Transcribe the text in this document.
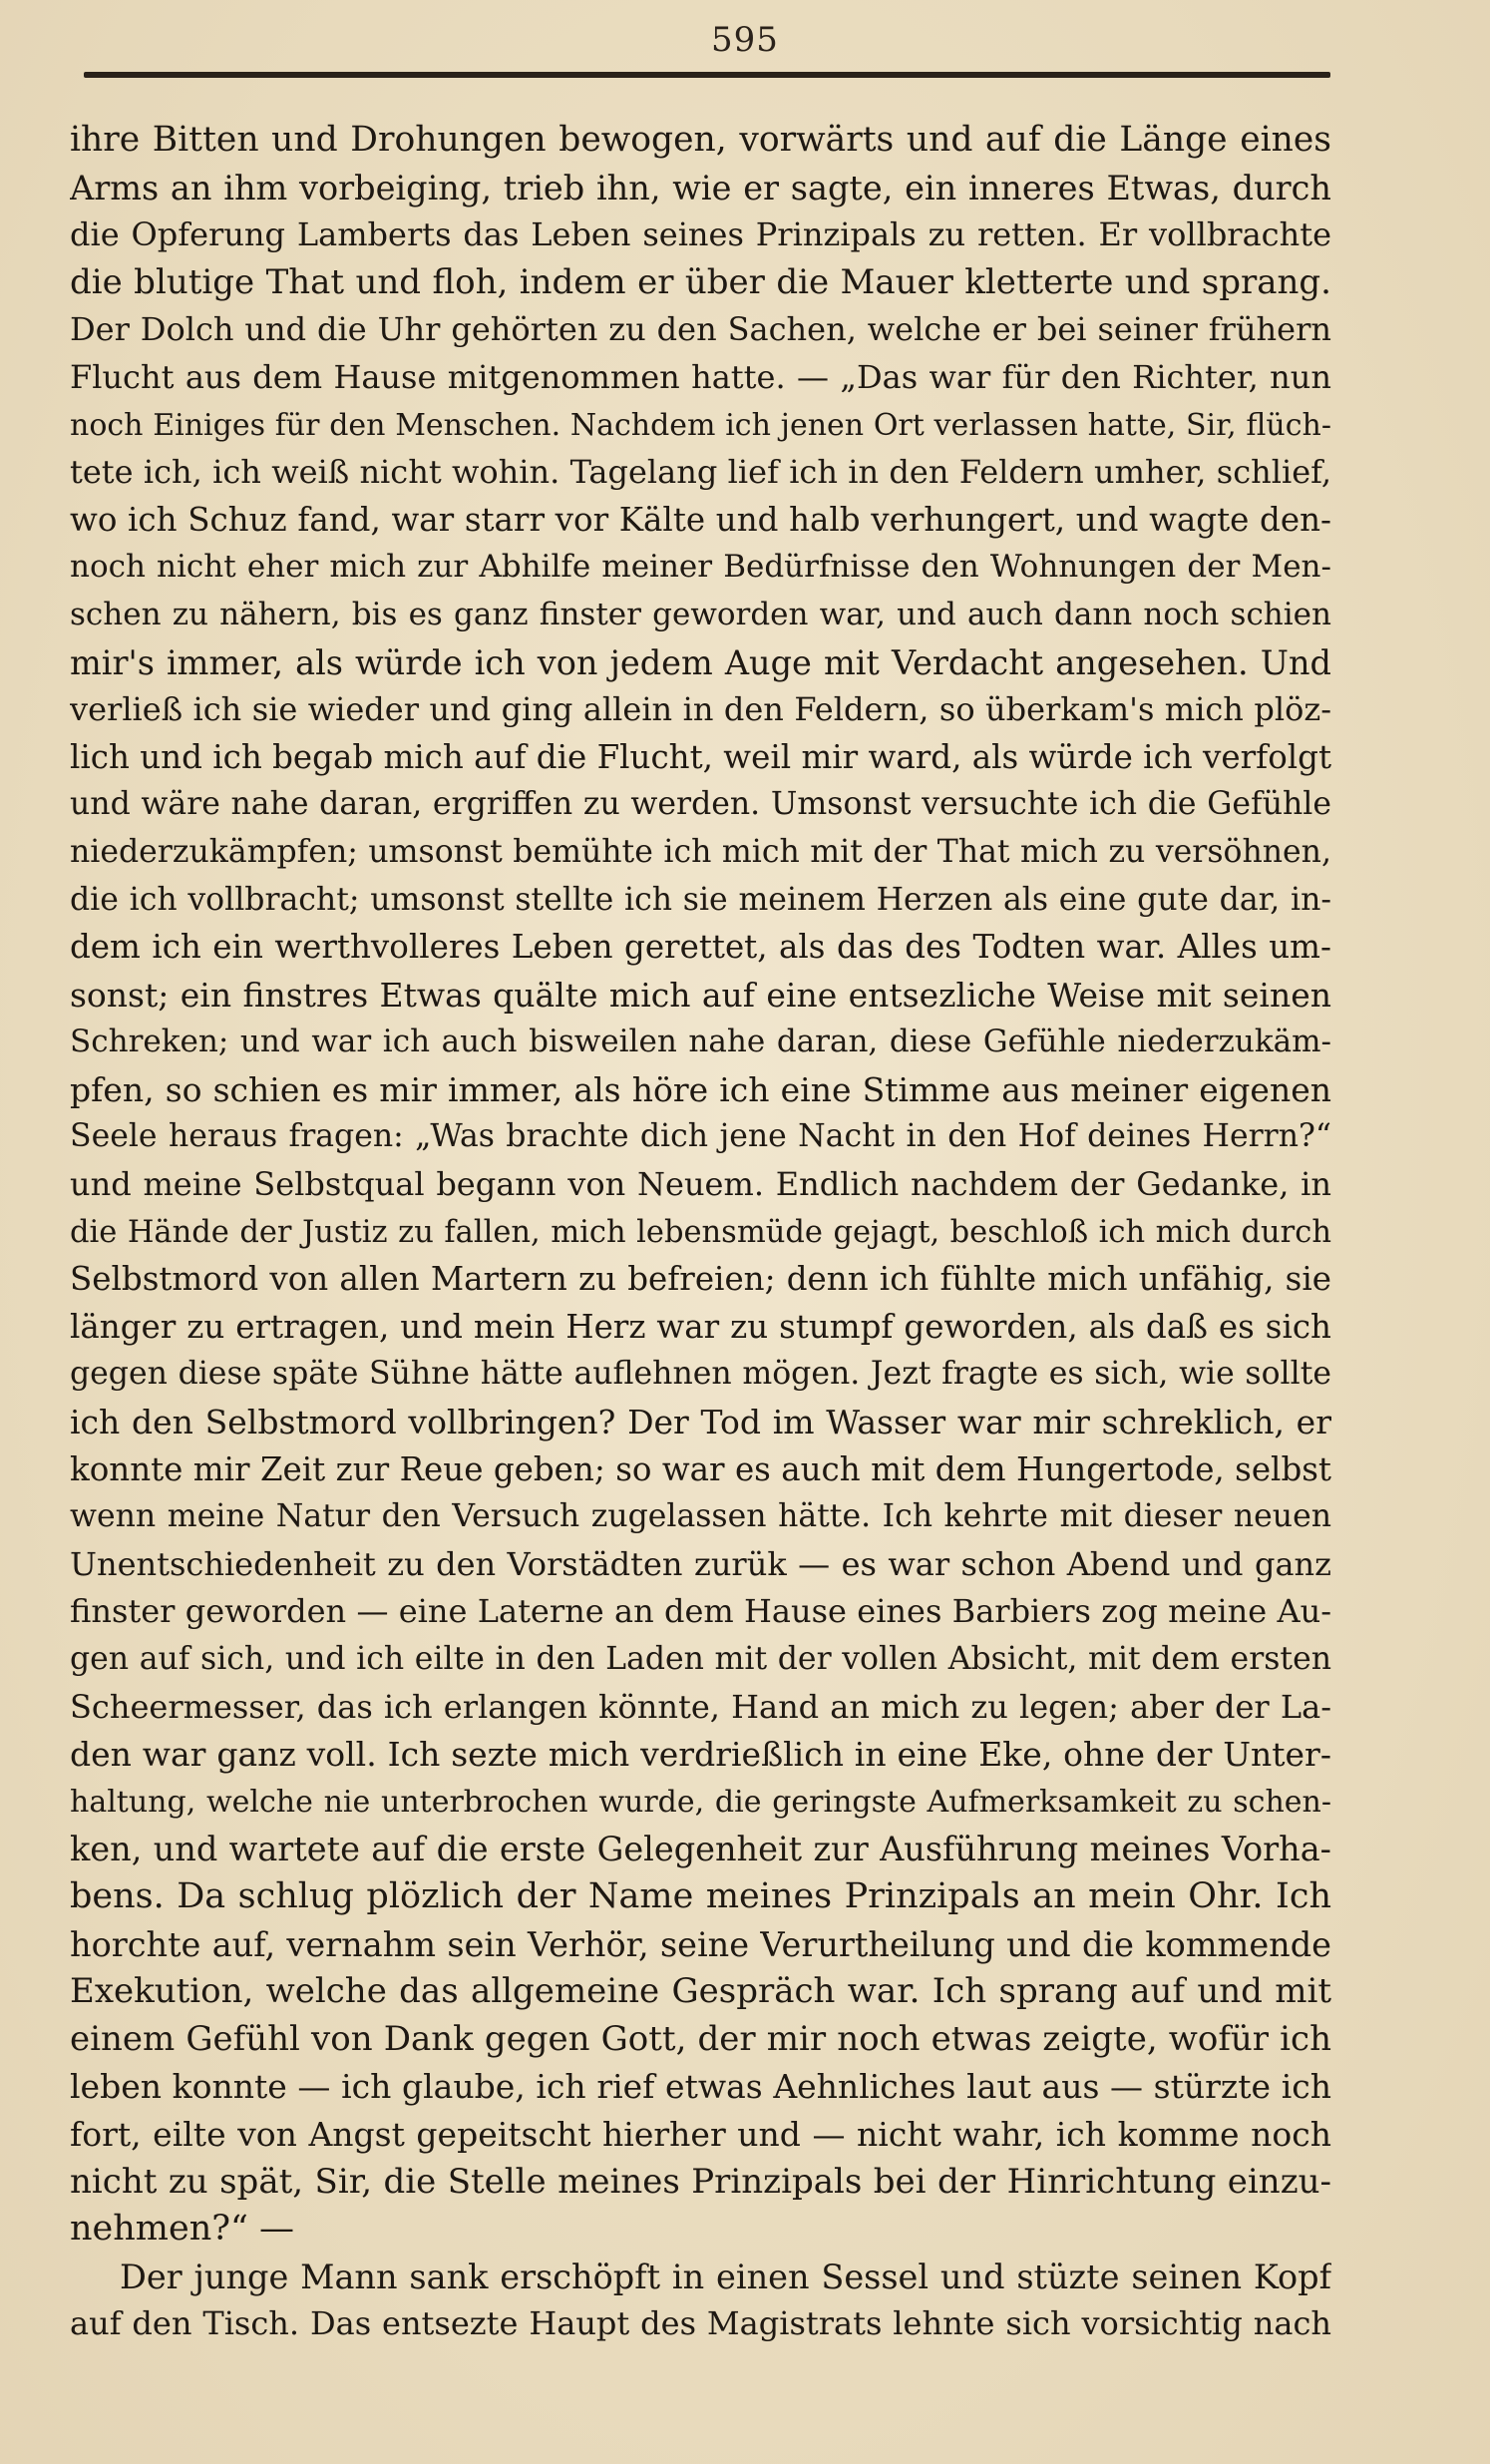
595
ihre Bitten und Drohungen bewogen, vorwärts und auf die Länge eines
Arms an ihm vorbeiging, trieb ihn, wie er sagte, ein inneres Etwas, durch
die Opferung Lamberts das Leben seines Prinzipals zu retten. Er vollbrachte
die blutige That und floh, indem er über die Mauer kletterte und sprang.
Der Dolch und die Uhr gehörten zu den Sachen, welche er bei seiner frühern
Flucht aus dem Hause mitgenommen hatte. — „Das war für den Richter, nun
noch Einiges für den Menschen. Nachdem ich jenen Ort verlassen hatte, Sir, flüch-
tete ich, ich weiß nicht wohin. Tagelang lief ich in den Feldern umher, schlief,
wo ich Schuz fand, war starr vor Kälte und halb verhungert, und wagte den-
noch nicht eher mich zur Abhilfe meiner Bedürfnisse den Wohnungen der Men-
schen zu nähern, bis es ganz finster geworden war, und auch dann noch schien
mir's immer, als würde ich von jedem Auge mit Verdacht angesehen. Und
verließ ich sie wieder und ging allein in den Feldern, so überkam's mich plöz-
lich und ich begab mich auf die Flucht, weil mir ward, als würde ich verfolgt
und wäre nahe daran, ergriffen zu werden. Umsonst versuchte ich die Gefühle
niederzukämpfen; umsonst bemühte ich mich mit der That mich zu versöhnen,
die ich vollbracht; umsonst stellte ich sie meinem Herzen als eine gute dar, in-
dem ich ein werthvolleres Leben gerettet, als das des Todten war. Alles um-
sonst; ein finstres Etwas quälte mich auf eine entsezliche Weise mit seinen
Schreken; und war ich auch bisweilen nahe daran, diese Gefühle niederzukäm-
pfen, so schien es mir immer, als höre ich eine Stimme aus meiner eigenen
Seele heraus fragen: „Was brachte dich jene Nacht in den Hof deines Herrn?“
und meine Selbstqual begann von Neuem. Endlich nachdem der Gedanke, in
die Hände der Justiz zu fallen, mich lebensmüde gejagt, beschloß ich mich durch
Selbstmord von allen Martern zu befreien; denn ich fühlte mich unfähig, sie
länger zu ertragen, und mein Herz war zu stumpf geworden, als daß es sich
gegen diese späte Sühne hätte auflehnen mögen. Jezt fragte es sich, wie sollte
ich den Selbstmord vollbringen? Der Tod im Wasser war mir schreklich, er
konnte mir Zeit zur Reue geben; so war es auch mit dem Hungertode, selbst
wenn meine Natur den Versuch zugelassen hätte. Ich kehrte mit dieser neuen
Unentschiedenheit zu den Vorstädten zurük — es war schon Abend und ganz
finster geworden — eine Laterne an dem Hause eines Barbiers zog meine Au-
gen auf sich, und ich eilte in den Laden mit der vollen Absicht, mit dem ersten
Scheermesser, das ich erlangen könnte, Hand an mich zu legen; aber der La-
den war ganz voll. Ich sezte mich verdrießlich in eine Eke, ohne der Unter-
haltung, welche nie unterbrochen wurde, die geringste Aufmerksamkeit zu schen-
ken, und wartete auf die erste Gelegenheit zur Ausführung meines Vorha-
bens. Da schlug plözlich der Name meines Prinzipals an mein Ohr. Ich
horchte auf, vernahm sein Verhör, seine Verurtheilung und die kommende
Exekution, welche das allgemeine Gespräch war. Ich sprang auf und mit
einem Gefühl von Dank gegen Gott, der mir noch etwas zeigte, wofür ich
leben konnte — ich glaube, ich rief etwas Aehnliches laut aus — stürzte ich
fort, eilte von Angst gepeitscht hierher und — nicht wahr, ich komme noch
nicht zu spät, Sir, die Stelle meines Prinzipals bei der Hinrichtung einzu-
nehmen?“ —
Der junge Mann sank erschöpft in einen Sessel und stüzte seinen Kopf
auf den Tisch. Das entsezte Haupt des Magistrats lehnte sich vorsichtig nach
